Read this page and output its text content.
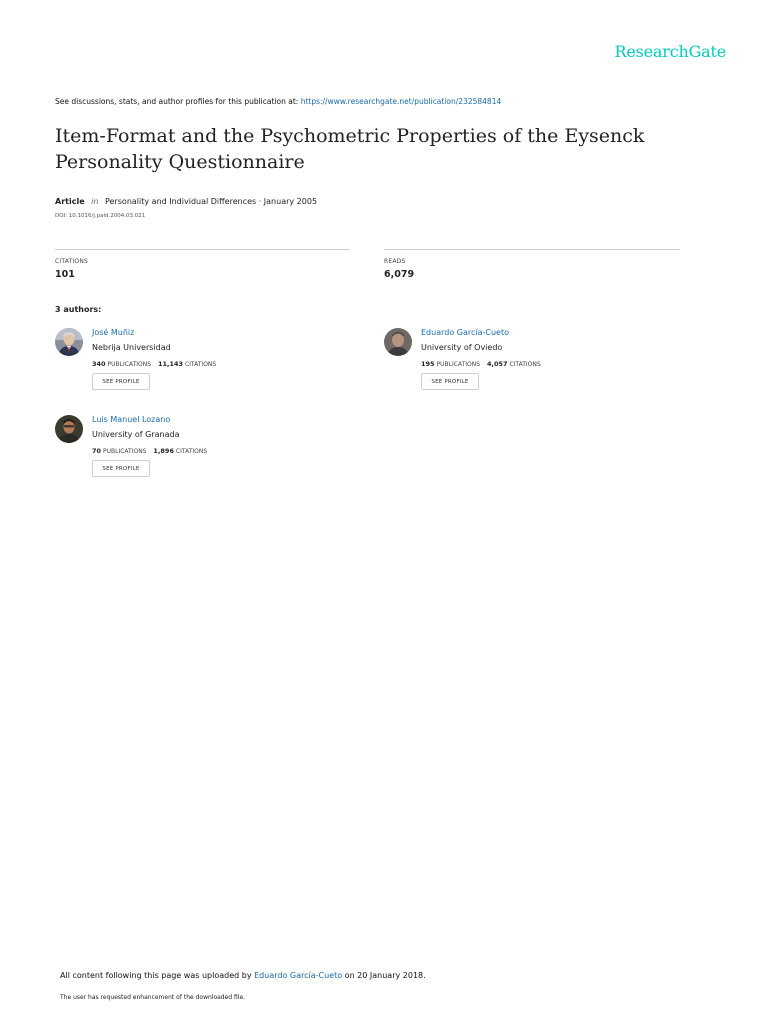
ResearchGate
See discussions, stats, and author profiles for this publication at: https://www.researchgate.net/publication/232584814
Item-Format and the Psychometric Properties of the Eysenck Personality Questionnaire
Article in Personality and Individual Differences · January 2005
DOI: 10.1016/j.paid.2004.03.021
CITATIONS
101
READS
6,079
3 authors:
José Muñiz
Nebrija Universidad
340 PUBLICATIONS 11,143 CITATIONS
SEE PROFILE
Eduardo García-Cueto
University of Oviedo
195 PUBLICATIONS 4,057 CITATIONS
SEE PROFILE
Luis Manuel Lozano
University of Granada
70 PUBLICATIONS 1,896 CITATIONS
SEE PROFILE
All content following this page was uploaded by Eduardo García-Cueto on 20 January 2018.
The user has requested enhancement of the downloaded file.
